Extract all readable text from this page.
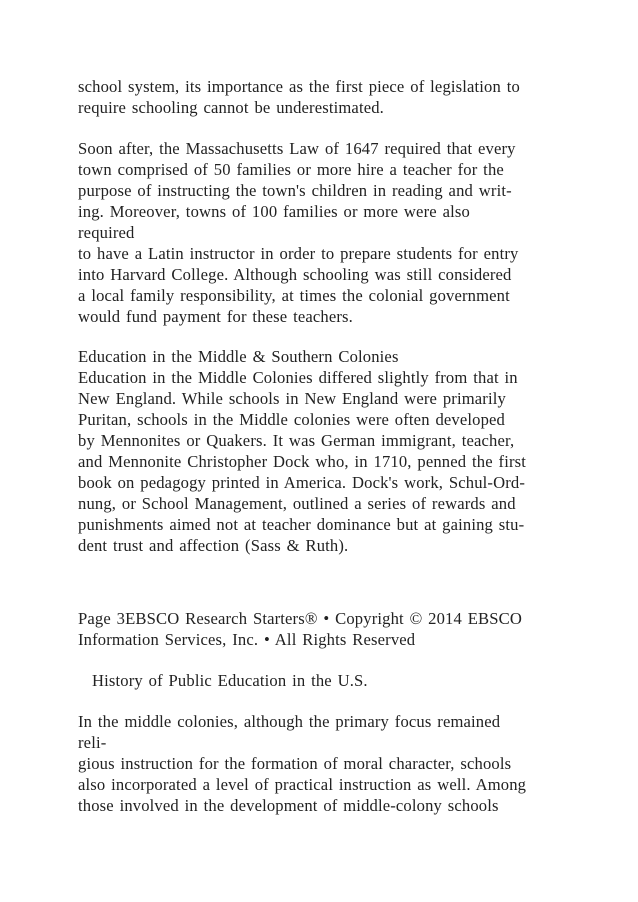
school system, its importance as the first piece of legislation to
require schooling cannot be underestimated.
Soon after, the Massachusetts Law of 1647 required that every
town comprised of 50 families or more hire a teacher for the
purpose of instructing the town's children in reading and writ-
ing. Moreover, towns of 100 families or more were also
required
to have a Latin instructor in order to prepare students for entry
into Harvard College. Although schooling was still considered
a local family responsibility, at times the colonial government
would fund payment for these teachers.
Education in the Middle & Southern Colonies
Education in the Middle Colonies differed slightly from that in
New England. While schools in New England were primarily
Puritan, schools in the Middle colonies were often developed
by Mennonites or Quakers. It was German immigrant, teacher,
and Mennonite Christopher Dock who, in 1710, penned the first
book on pedagogy printed in America. Dock's work, Schul-Ord-
nung, or School Management, outlined a series of rewards and
punishments aimed not at teacher dominance but at gaining stu-
dent trust and affection (Sass & Ruth).
Page 3EBSCO Research Starters® • Copyright © 2014 EBSCO
Information Services, Inc. • All Rights Reserved
History of Public Education in the U.S.
In the middle colonies, although the primary focus remained
reli-
gious instruction for the formation of moral character, schools
also incorporated a level of practical instruction as well. Among
those involved in the development of middle-colony schools
